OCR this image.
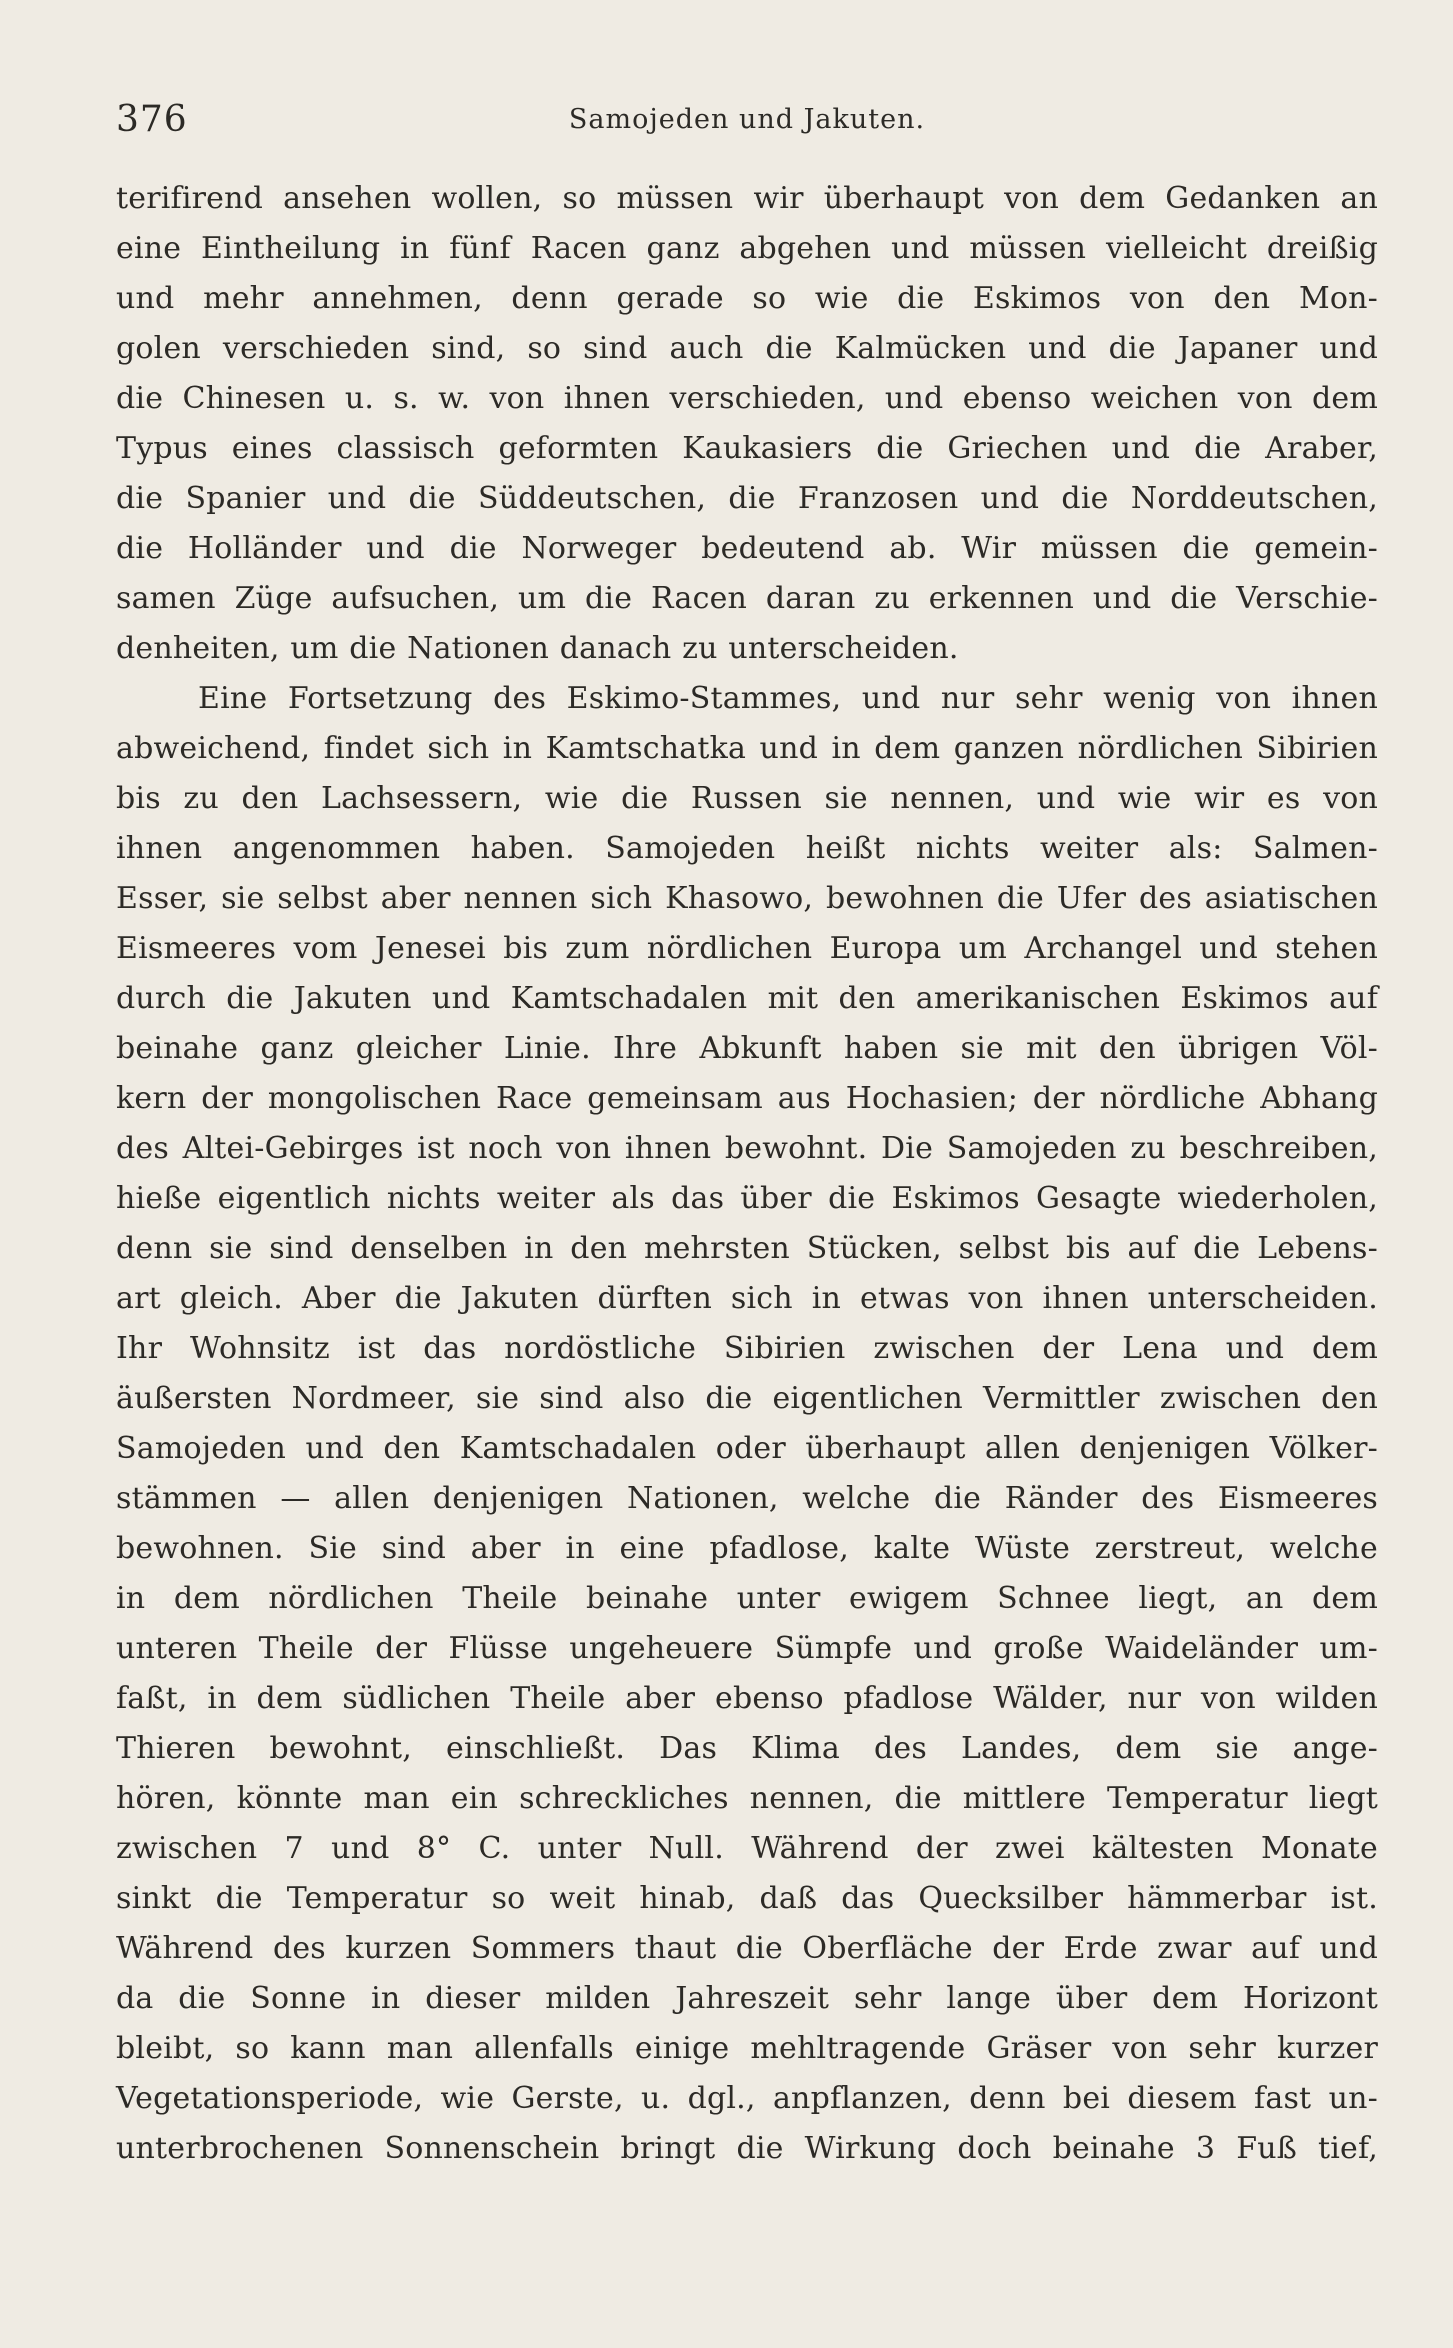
376	Samojeden und Jakuten.
terifirend ansehen wollen, so müssen wir überhaupt von dem Gedanken an
eine Eintheilung in fünf Racen ganz abgehen und müssen vielleicht dreißig
und mehr annehmen, denn gerade so wie die Eskimos von den Mon-
golen verschieden sind, so sind auch die Kalmücken und die Japaner und
die Chinesen u. s. w. von ihnen verschieden, und ebenso weichen von dem
Typus eines classisch geformten Kaukasiers die Griechen und die Araber,
die Spanier und die Süddeutschen, die Franzosen und die Norddeutschen,
die Holländer und die Norweger bedeutend ab. Wir müssen die gemein-
samen Züge aufsuchen, um die Racen daran zu erkennen und die Verschie-
denheiten, um die Nationen danach zu unterscheiden.
Eine Fortsetzung des Eskimo-Stammes, und nur sehr wenig von ihnen
abweichend, findet sich in Kamtschatka und in dem ganzen nördlichen Sibirien
bis zu den Lachsessern, wie die Russen sie nennen, und wie wir es von
ihnen angenommen haben. Samojeden heißt nichts weiter als: Salmen-
Esser, sie selbst aber nennen sich Khasowo, bewohnen die Ufer des asiatischen
Eismeeres vom Jenesei bis zum nördlichen Europa um Archangel und stehen
durch die Jakuten und Kamtschadalen mit den amerikanischen Eskimos auf
beinahe ganz gleicher Linie. Ihre Abkunft haben sie mit den übrigen Völ-
kern der mongolischen Race gemeinsam aus Hochasien; der nördliche Abhang
des Altei-Gebirges ist noch von ihnen bewohnt. Die Samojeden zu beschreiben,
hieße eigentlich nichts weiter als das über die Eskimos Gesagte wiederholen,
denn sie sind denselben in den mehrsten Stücken, selbst bis auf die Lebens-
art gleich. Aber die Jakuten dürften sich in etwas von ihnen unterscheiden.
Ihr Wohnsitz ist das nordöstliche Sibirien zwischen der Lena und dem
äußersten Nordmeer, sie sind also die eigentlichen Vermittler zwischen den
Samojeden und den Kamtschadalen oder überhaupt allen denjenigen Völker-
stämmen — allen denjenigen Nationen, welche die Ränder des Eismeeres
bewohnen. Sie sind aber in eine pfadlose, kalte Wüste zerstreut, welche
in dem nördlichen Theile beinahe unter ewigem Schnee liegt, an dem
unteren Theile der Flüsse ungeheuere Sümpfe und große Waideländer um-
faßt, in dem südlichen Theile aber ebenso pfadlose Wälder, nur von wilden
Thieren bewohnt, einschließt. Das Klima des Landes, dem sie ange-
hören, könnte man ein schreckliches nennen, die mittlere Temperatur liegt
zwischen 7 und 8° C. unter Null. Während der zwei kältesten Monate
sinkt die Temperatur so weit hinab, daß das Quecksilber hämmerbar ist.
Während des kurzen Sommers thaut die Oberfläche der Erde zwar auf und
da die Sonne in dieser milden Jahreszeit sehr lange über dem Horizont
bleibt, so kann man allenfalls einige mehltragende Gräser von sehr kurzer
Vegetationsperiode, wie Gerste, u. dgl., anpflanzen, denn bei diesem fast un-
unterbrochenen Sonnenschein bringt die Wirkung doch beinahe 3 Fuß tief,
